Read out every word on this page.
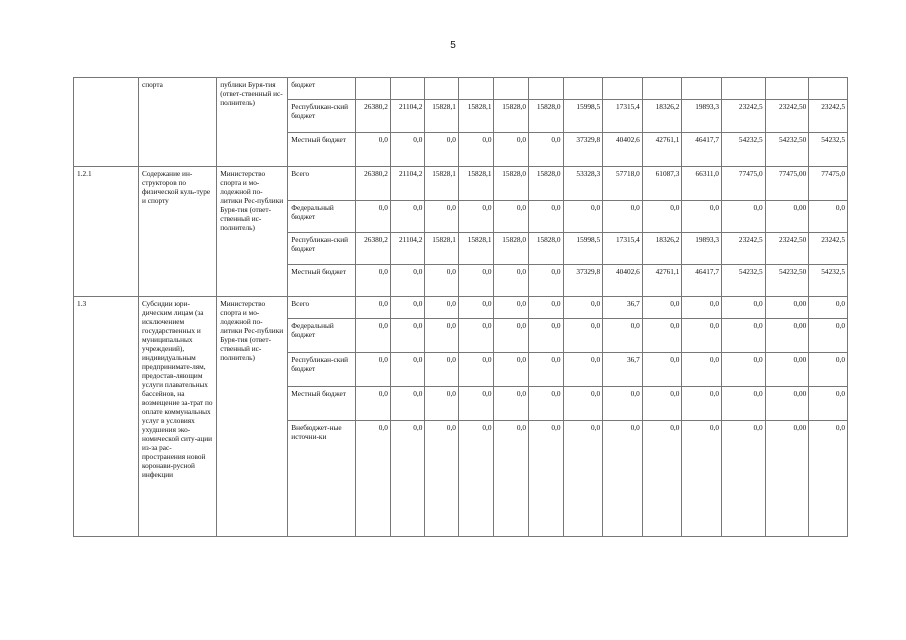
5
	спорта	публики Буря-тия (ответ-ственный ис-полнитель)	бюджет	

			Республикан-ский бюджет	26380,2	21104,2	15828,1	15828,1	15828,0	15828,0	15998,5	17315,4	18326,2	19893,3	23242,5	23242,50	23242,5

			Местный бюджет	0,0	0,0	0,0	0,0	0,0	0,0	37329,8	40402,6	42761,1	46417,7	54232,5	54232,50	54232,5

1.2.1	Содержание ин-структоров по физической куль-туре и спорту	Министерство спорта и мо-лодежной по-литики Рес-публики Буря-тия (ответ-ственный ис-полнитель)	Всего	26380,2	21104,2	15828,1	15828,1	15828,0	15828,0	53328,3	57718,0	61087,3	66311,0	77475,0	77475,00	77475,0

			Федеральный бюджет	0,0	0,0	0,0	0,0	0,0	0,0	0,0	0,0	0,0	0,0	0,0	0,00	0,0

			Республикан-ский бюджет	26380,2	21104,2	15828,1	15828,1	15828,0	15828,0	15998,5	17315,4	18326,2	19893,3	23242,5	23242,50	23242,5

			Местный бюджет	0,0	0,0	0,0	0,0	0,0	0,0	37329,8	40402,6	42761,1	46417,7	54232,5	54232,50	54232,5

1.3	Субсидии юри-дическим лицам (за исключением государственных и муниципальных учреждений), индивидуальным предпринимате-лям, предостав-ляющим услуги плавательных бассейнов, на возмещение за-трат по оплате коммунальных услуг в условиях ухудшения эко-номической ситу-ации из-за рас-пространения новой коронави-русной инфекции	Министерство спорта и мо-лодежной по-литики Рес-публики Буря-тия (ответ-ственный ис-полнитель)	Всего	0,0	0,0	0,0	0,0	0,0	0,0	0,0	36,7	0,0	0,0	0,0	0,00	0,0

			Федеральный бюджет	0,0	0,0	0,0	0,0	0,0	0,0	0,0	0,0	0,0	0,0	0,0	0,00	0,0

			Республикан-ский бюджет	0,0	0,0	0,0	0,0	0,0	0,0	0,0	36,7	0,0	0,0	0,0	0,00	0,0

			Местный бюджет	0,0	0,0	0,0	0,0	0,0	0,0	0,0	0,0	0,0	0,0	0,0	0,00	0,0

			Внебюджет-ные источни-ки	0,0	0,0	0,0	0,0	0,0	0,0	0,0	0,0	0,0	0,0	0,0	0,00	0,0
